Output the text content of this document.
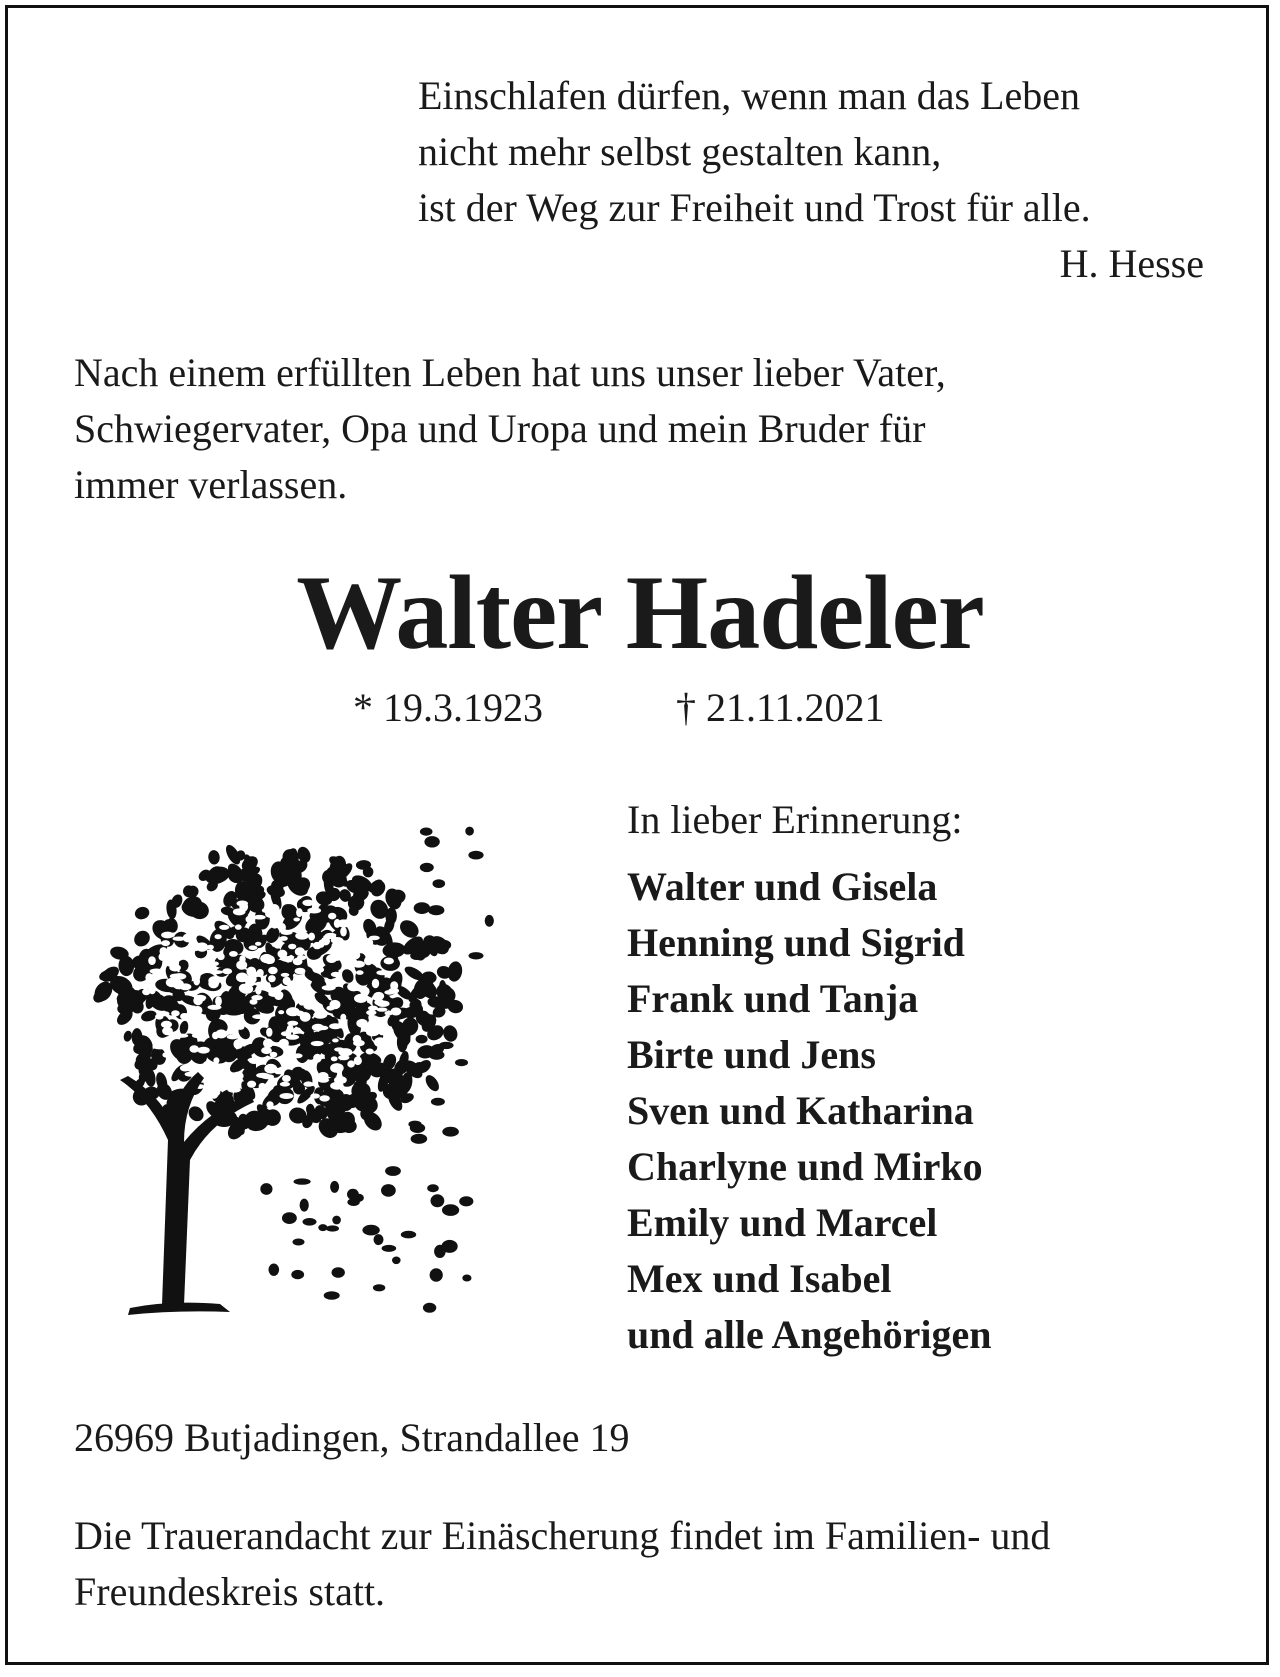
Einschlafen dürfen, wenn man das Leben
nicht mehr selbst gestalten kann,
ist der Weg zur Freiheit und Trost für alle.
H. Hesse
Nach einem erfüllten Leben hat uns unser lieber Vater,
Schwiegervater, Opa und Uropa und mein Bruder für
immer verlassen.
Walter Hadeler
* 19.3.1923	† 21.11.2021
In lieber Erinnerung:
Walter und Gisela
Henning und Sigrid
Frank und Tanja
Birte und Jens
Sven und Katharina
Charlyne und Mirko
Emily und Marcel
Mex und Isabel
und alle Angehörigen
26969 Butjadingen, Strandallee 19
Die Trauerandacht zur Einäscherung findet im Familien- und
Freundeskreis statt.
